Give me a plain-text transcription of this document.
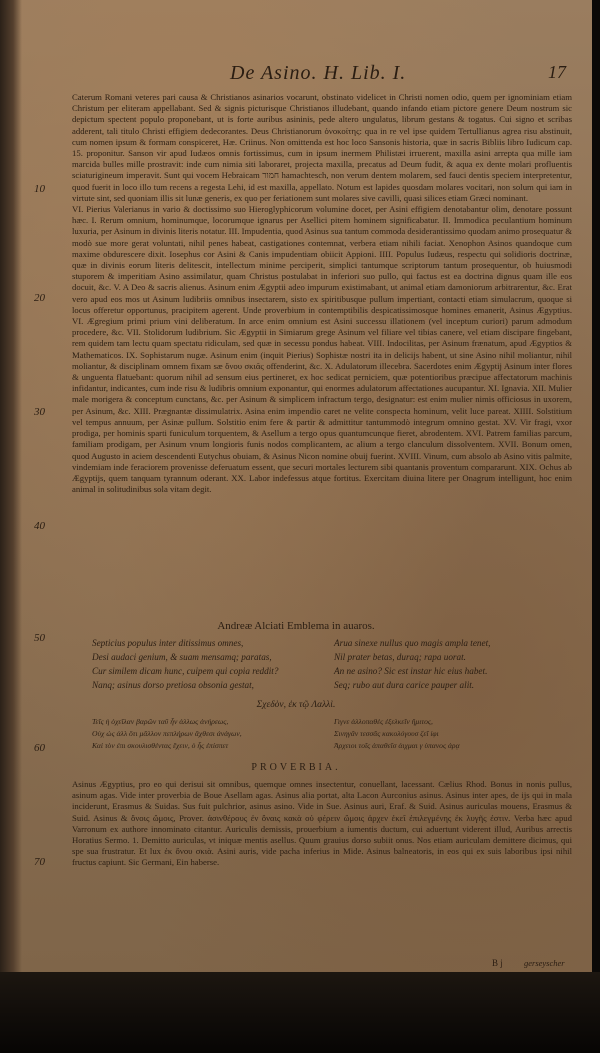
De Asino. H. Lib. I.	17
10
20
30
40
50
60
70

Caterum Romani veteres pari causa & Christianos asinarios vocarunt, obstinato videlicet in Christi nomen odio, quem per ignominiam etiam Christum per eliteram appellabant. Sed & signis picturisque Christianos illudebant, quando infando etiam pictore genere Deum nostrum sic depictum spectent populo proponebant, ut is forte auribus asininis, pede altero ungulatus, librum gestans & togatus. Cui signo et scribas adderent, tali titulo Christi effigiem dedecorantes. Deus Christianorum ὀνοκοίτης: qua in re vel ipse quidem Tertullianus agrea risu abstinuit, cum nomen ipsum & formam conspiceret, Hæ. Criinus. Non omittenda est hoc loco Sansonis historia, quæ in sacris Bibliis libro Iudicum cap. 15. proponitur. Sanson vir apud Iudæos omnis fortissimus, cum in ipsum inermem Philistæi irruerent, maxilla asini arrepta qua mille iam marcida bulles mille prostravit: inde cum nimia siti laboraret, projecta maxilla, precatus ad Deum fudit, & aqua ex dente molari profluentis sciaturigineum imperavit. Sunt qui vocem Hebraicam חמור hamachtesch, non verum dentem molarem, sed fauci dentis speciem interpretentur, quod fuerit in loco illo tum recens a regesta Lehi, id est maxilla, appellato. Notum est lapides quosdam molares vocitari, non solum qui iam in virtute sint, sed quoniam illis sit lunæ generis, ex quo per feriationem sunt molares sive cavilli, quasi silices etiam Græci nominant.

VI. Pierius Valerianus in vario & doctissimo suo Hieroglyphicorum volumine docet, per Asini effigiem denotabantur olim, denotare possunt hæc. I. Rerum omnium, hominumque, locorumque ignarus per Asellici pitem hominem significabatur. II. Immodica peculantium hominum luxuria, per Asinum in divinis literis notatur. III. Impudentia, quod Asinus sua tantum commoda desiderantissimo quodam animo prosequatur & modò sue more gerat voluntati, nihil penes habeat, castigationes contemnat, verbera etiam nihili faciat. Xenophon Asinos quandoque cum maxime obdurescere dixit. Iosephus cor Asini & Canis impudentiam obiicit Appioni. IIII. Populus Iudæus, respectu qui solidioris doctrinæ, quæ in divinis eorum literis delitescit, intellectum minime perciperit, simplici tantumque scriptorum tantum prosequentur, ob huiusmodi stuporem & imperitiam Asino assimilatur, quam Christus postulabat in inferiori suo pullo, qui factus est ea doctrina dignus quam ille eos docuit, &c. V. A Deo & sacris alienus. Asinum enim Ægyptii adeo impurum existimabant, ut animal etiam damoniorum arbitrarentur, &c. Erat vero apud eos mos ut Asinum ludibriis omnibus insectarem, sisto ex spiritibusque pullum impertiant, contacti etiam simulacrum, quoque si locus offeretur opportunus, pracipitem agerent. Unde proverbium in contemptibilis despicatissimosque homines emanerit, Asinus Ægyptius. VI. Ægregium primi prium vini deliberatum. In arce enim omnium est Asini successu illationem (vel inceptum curiori) parum admodum procedere, &c. VII. Stolidorum ludibrium. Sic Ægyptii in Simiarum grege Asinum vel filiare vel tibias canere, vel etiam discipare fingebant, rem quidem tam lectu quam spectatu ridiculam, sed quæ in secessu pondus habeat. VIII. Indocilitas, per Asinum frænatum, apud Ægyptios & Mathematicos. IX. Sophistarum nugæ. Asinum enim (inquit Pierius) Sophistæ nostri ita in delicijs habent, ut sine Asino nihil moliantur, nihil moliantur, & disciplinam omnem fixam sæ ὄνου σκιᾶς offenderint, &c. X. Adulatorum illecebra. Sacerdotes enim Ægyptij Asinum inter flores & unguenta flatuebant: quorum nihil ad sensum eius pertineret, ex hoc sedicat perniciem, quæ potentioribus præcipue affectatorum machinis infidantur, indicantes, cum inde risu & ludibris omnium exponantur, qui enormes adulatorum affectationes aucupantur. XI. Ignavia. XII. Mulier male morigera & conceptum cunctans, &c. per Asinum & simplicem infractum tergo, designatur: est enim mulier nimis officiosus in uxorem, per Asinum, &c. XIII. Prægnantæ dissimulatrix. Asina enim impendio caret ne velite conspecta hominum, velit luce pareat. XIIII. Solstitium vel tempus annuum, per Asinæ pullum. Solstitio enim fere & partir & admittitur tantummodò integrum omnino gestat. XV. Vir fragi, vxor prodiga, per hominis sparti funiculum torquentem, & Asellum a tergo opus quantumcunque fieret, abrodentem. XVI. Patrem familias parcum, familiam prodigam, per Asinum vnum longioris funis nodos complicantem, ac alium a tergo clanculum dissolventem. XVII. Bonum omen, quod Augusto in aciem descendenti Eutychus obuiam, & Asinus Nicon nomine obuij fuerint. XVIII. Vinum, cum absolo ab Asino vitis palmite, vindemiam inde feraciorem provenisse deferuatum essent, que securi mortales lecturem sibi quantanis proventum compararunt. XIX. Ochus ab Ægyptijs, quem tanquam tyrannum oderant. XX. Labor indefessus atque fortitus. Exercitam diuina litere per Onagrum intelligunt, hoc enim animal in solitudinibus sola vitam degit.

Andreæ Alciati Emblema in auaros.
Septicius populus inter ditissimus omnes,
Desi audaci genium, & suam mensamq; paratas,
Cur similem dicam hunc, cuipem qui copia reddit?
Nanq; asinus dorso pretiosa obsonia gestat,
Arua sinexe nullus quo magis ampla tenet,
Nil prater betas, duraq; rapa uorat.
An ne asino? Sic est instar hic eius habet.
Seq; rubo aut dura carice pauper alit.
Σχεδὸν, ἐκ τῷ Λαλλὶ.
Τεῖς ἡ ὀχεῖλαν βαρῶν ταῦ ἦν ἀλλως ἀνήρεως,
Οὐχ ὡς ἀλλ ὅτι μᾶλλον πεπλήρων ἄχθεσι ἀνάγων,
Καὶ τὸν ἐπι σκουλισθέντας ἔχειν, ὁ ἧς ἐπίσπετ
Γιγνε ἀλλοπαθὲς ἐξελκεῖν ἤμιτος,
Σινηγᾶν τεσσᾶς κακολόγουσ ζεῖ ἰφι
Ἀρχειοι τοῖς ἀπαθεῖσ ἀιχμαι γ ὑπανος ἀρᾳ
PROVERBIA.

Asinus Ægyptius, pro eo qui derisui sit omnibus, quemque omnes insectentur, conuellant, lacessant. Cælius Rhod. Bonus in nonis pullus, asinum agas. Vide inter proverbia de Boue Asellam agas. Asinus alia portat, alta Lacon Aurconius asinus. Asinus inter apes, de ijs qui in mala inciderunt, Erasmus & Suidas. Sus fuit pulchrior, asinus asino. Vide in Sue. Asinus auri, Eraf. & Suid. Asinus auriculas mouens, Erasmus & Suid. Asinus & ὄνοις ὤμοις, Prover. ἀσινθέρους ἐν ὄναις κακὰ οὐ φέρειν ὤμοις ἀρχεν ἐκεῖ ἐπιλεγμένης ἐκ λυγῆς ἐστιν. Verba hæc apud Varronum ex authore innominato citantur. Auriculis demissis, prouerbium a iumentis ductum, cui aduertunt viderent illud, Auribus arrectis Horatius Sermo. 1. Demitto auriculas, vt iniquæ mentis asellus. Quum grauius dorso subiit onus. Nos etiam auriculam demittere dicimus, qui spe sua frustratur. Et lux ἐκ ὄνου σκιὰ. Asini auris, vide pacha inferius in Mide. Asinus balneatoris, in eos qui ex suis laboribus ipsi nihil fructus capiunt. Sic Germani, Ein haberse.

B j gerseyscher
